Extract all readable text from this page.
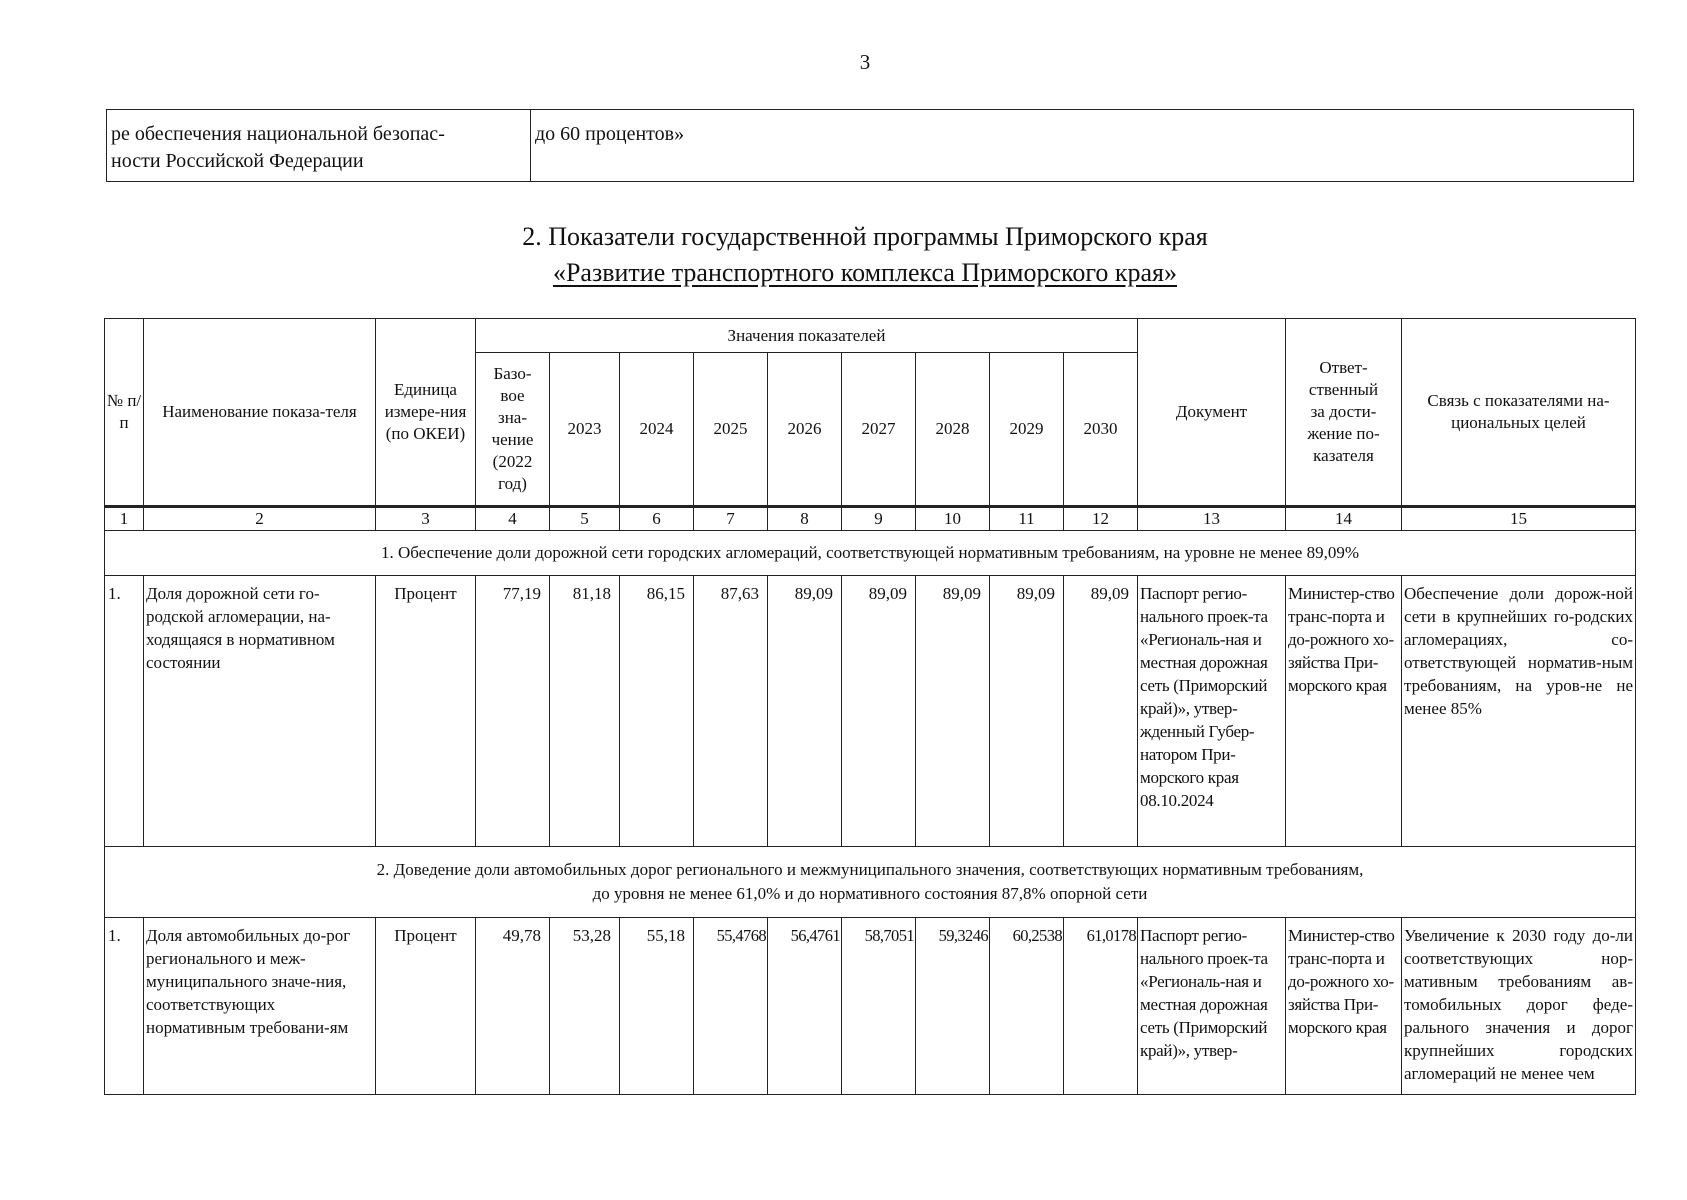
3
ре обеспечения национальной безопас-
ности Российской Федерации	до 60 процентов»
2. Показатели государственной программы Приморского края
«Развитие транспортного комплекса Приморского края»
№ п/п	Наименование показа-теля	Единица измере-ния (по ОКЕИ)	Значения показателей									Документ	Ответ-ственный за дости-жение по-казателя	Связь с показателями на-циональных целей
			Базо-вое зна-чение (2022 год)	2023	2024	2025	2026	2027	2028	2029	2030			
1	2	3	4	5	6	7	8	9	10	11	12	13	14	15
1. Обеспечение доли дорожной сети городских агломераций, соответствующей нормативным требованиям, на уровне не менее 89,09%														
1.	Доля дорожной сети го-родской агломерации, на-ходящаяся в нормативном состоянии	Процент	77,19	81,18	86,15	87,63	89,09	89,09	89,09	89,09	89,09	Паспорт регио-нального проек-та «Региональ-ная и местная дорожная сеть (Приморский край)», утвер-жденный Губер-натором При-морского края 08.10.2024	Министер-ство транс-порта и до-рожного хо-зяйства При-морского края	Обеспечение доли дорож-ной сети в крупнейших го-родских агломерациях, со-ответствующей норматив-ным требованиям, на уров-не не менее 85%
2. Доведение доли автомобильных дорог регионального и межмуниципального значения, соответствующих нормативным требованиям,
до уровня не менее 61,0% и до нормативного состояния 87,8% опорной сети														
1.	Доля автомобильных до-рог регионального и меж-муниципального значе-ния, соответствующих нормативным требовани-ям	Процент	49,78	53,28	55,18	55,4768	56,4761	58,7051	59,3246	60,2538	61,0178	Паспорт регио-нального проек-та «Региональ-ная и местная дорожная сеть (Приморский край)», утвер-	Министер-ство транс-порта и до-рожного хо-зяйства При-морского края	Увеличение к 2030 году до-ли соответствующих нор-мативным требованиям ав-томобильных дорог феде-рального значения и дорог крупнейших городских агломераций не менее чем
